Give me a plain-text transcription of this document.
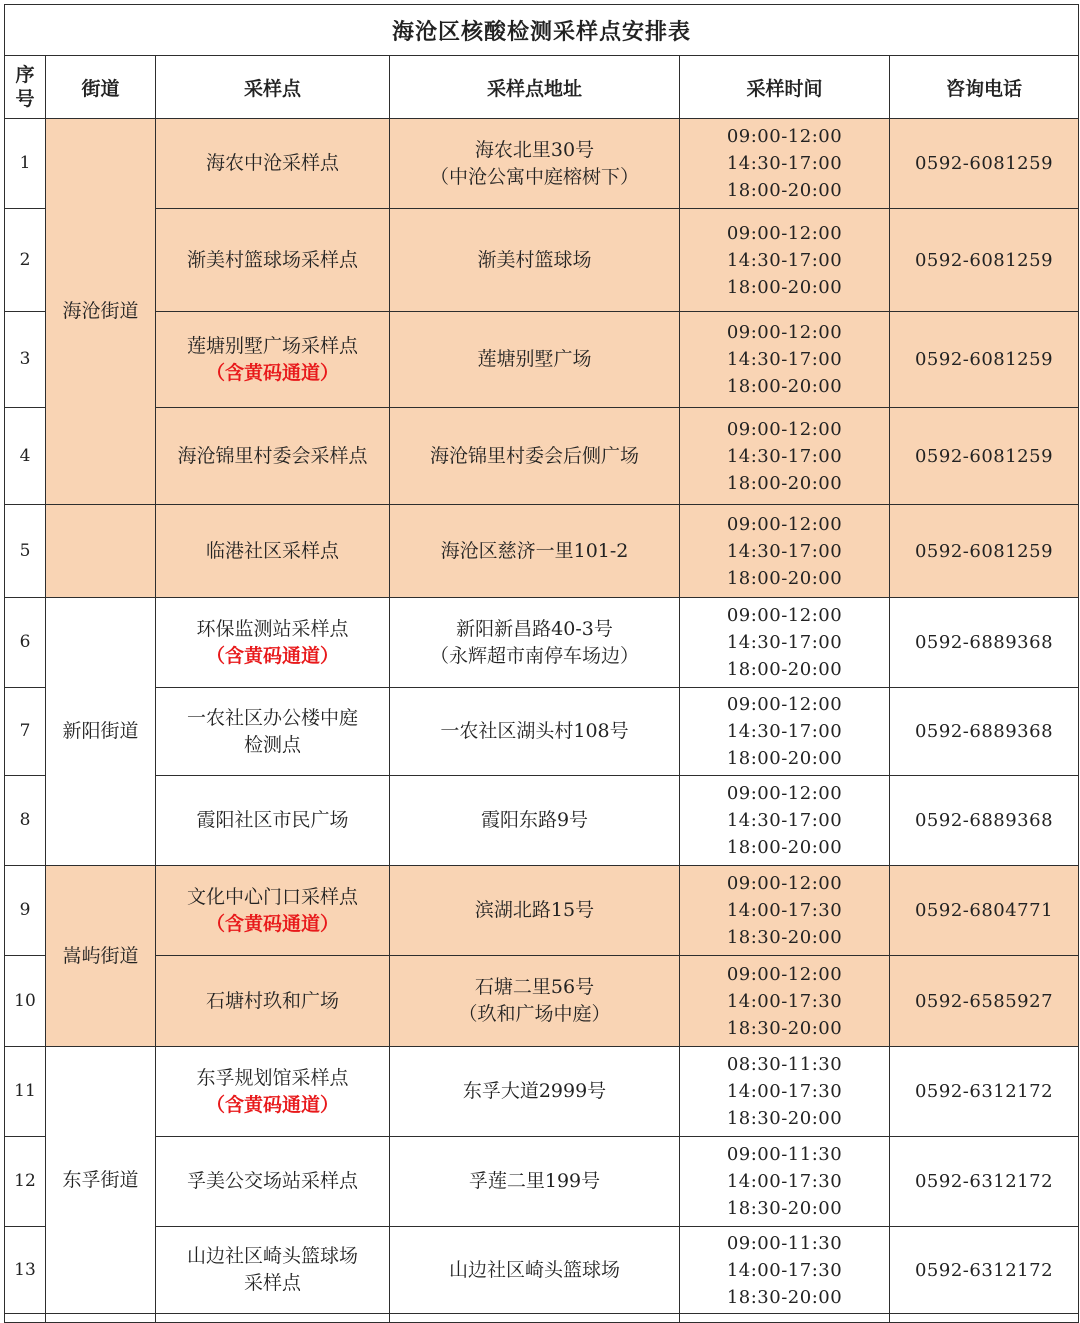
海沧区核酸检测采样点安排表					

序
号	街道	采样点	采样点地址	采样时间	咨询电话
1	海沧街道	海农中沧采样点	海农北里30号
（中沧公寓中庭榕树下）	09:00-12:00
14:30-17:00
18:00-20:00	0592-6081259
2		渐美村篮球场采样点	渐美村篮球场	09:00-12:00
14:30-17:00
18:00-20:00	0592-6081259
3		莲塘别墅广场采样点
（含黄码通道）	莲塘别墅广场	09:00-12:00
14:30-17:00
18:00-20:00	0592-6081259
4		海沧锦里村委会采样点	海沧锦里村委会后侧广场	09:00-12:00
14:30-17:00
18:00-20:00	0592-6081259
5		临港社区采样点	海沧区慈济一里101-2	09:00-12:00
14:30-17:00
18:00-20:00	0592-6081259
6	新阳街道	环保监测站采样点
（含黄码通道）	新阳新昌路40-3号
（永辉超市南停车场边）	09:00-12:00
14:30-17:00
18:00-20:00	0592-6889368
7		一农社区办公楼中庭
检测点	一农社区湖头村108号	09:00-12:00
14:30-17:00
18:00-20:00	0592-6889368
8		霞阳社区市民广场	霞阳东路9号	09:00-12:00
14:30-17:00
18:00-20:00	0592-6889368
9	嵩屿街道	文化中心门口采样点
（含黄码通道）	滨湖北路15号	09:00-12:00
14:00-17:30
18:30-20:00	0592-6804771
10		石塘村玖和广场	石塘二里56号
（玖和广场中庭）	09:00-12:00
14:00-17:30
18:30-20:00	0592-6585927
11	东孚街道	东孚规划馆采样点
（含黄码通道）	东孚大道2999号	08:30-11:30
14:00-17:30
18:30-20:00	0592-6312172
12		孚美公交场站采样点	孚莲二里199号	09:00-11:30
14:00-17:30
18:30-20:00	0592-6312172
13		山边社区崎头篮球场
采样点	山边社区崎头篮球场	09:00-11:30
14:00-17:30
18:30-20:00	0592-6312172
